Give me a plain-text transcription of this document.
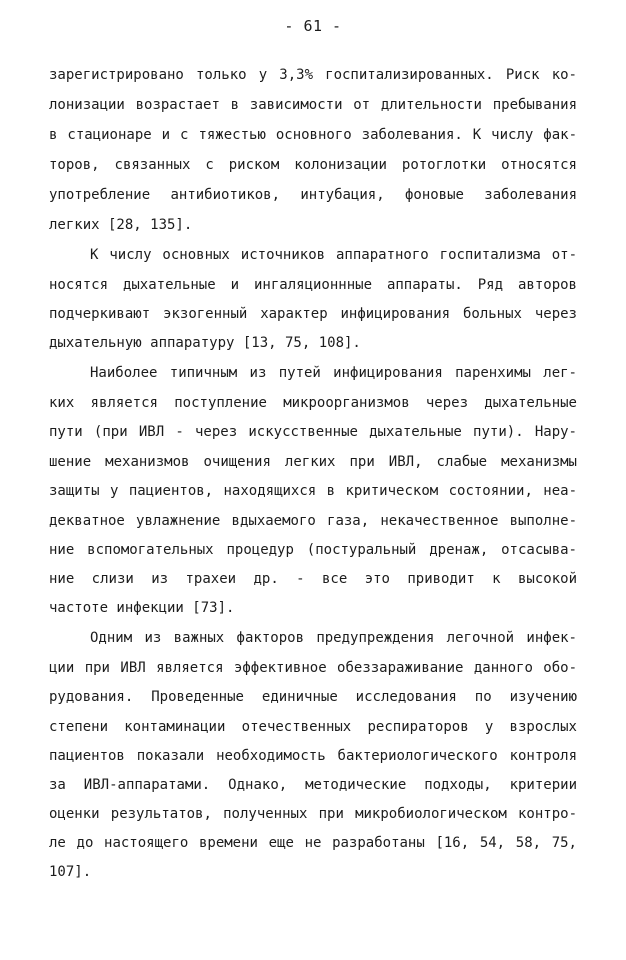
- 61 -
зарегистрировано только у 3,3% госпитализированных. Риск ко-
лонизации возрастает в зависимости от длительности пребывания
в стационаре и с тяжестью основного заболевания. К числу фак-
торов, связанных с риском колонизации ротоглотки относятся
употребление антибиотиков, интубация, фоновые заболевания
легких [28, 135].
К числу основных источников аппаратного госпитализма от-
носятся дыхательные и ингаляционнные аппараты. Ряд авторов
подчеркивают экзогенный характер инфицирования больных через
дыхательную аппаратуру [13, 75, 108].
Наиболее типичным из путей инфицирования паренхимы лег-
ких является поступление микроорганизмов через дыхательные
пути (при ИВЛ - через искусственные дыхательные пути). Нару-
шение механизмов очищения легких при ИВЛ, слабые механизмы
защиты у пациентов, находящихся в критическом состоянии, неа-
декватное увлажнение вдыхаемого газа, некачественное выполне-
ние вспомогательных процедур (постуральный дренаж, отсасыва-
ние слизи из трахеи др. - все это приводит к высокой
частоте инфекции [73].
Одним из важных факторов предупреждения легочной инфек-
ции при ИВЛ является эффективное обеззараживание данного обо-
рудования. Проведенные единичные исследования по изучению
степени контаминации отечественных респираторов у взрослых
пациентов показали необходимость бактериологического контроля
за ИВЛ-аппаратами. Однако, методические подходы, критерии
оценки результатов, полученных при микробиологическом контро-
ле до настоящего времени еще не разработаны [16, 54, 58, 75,
107].
